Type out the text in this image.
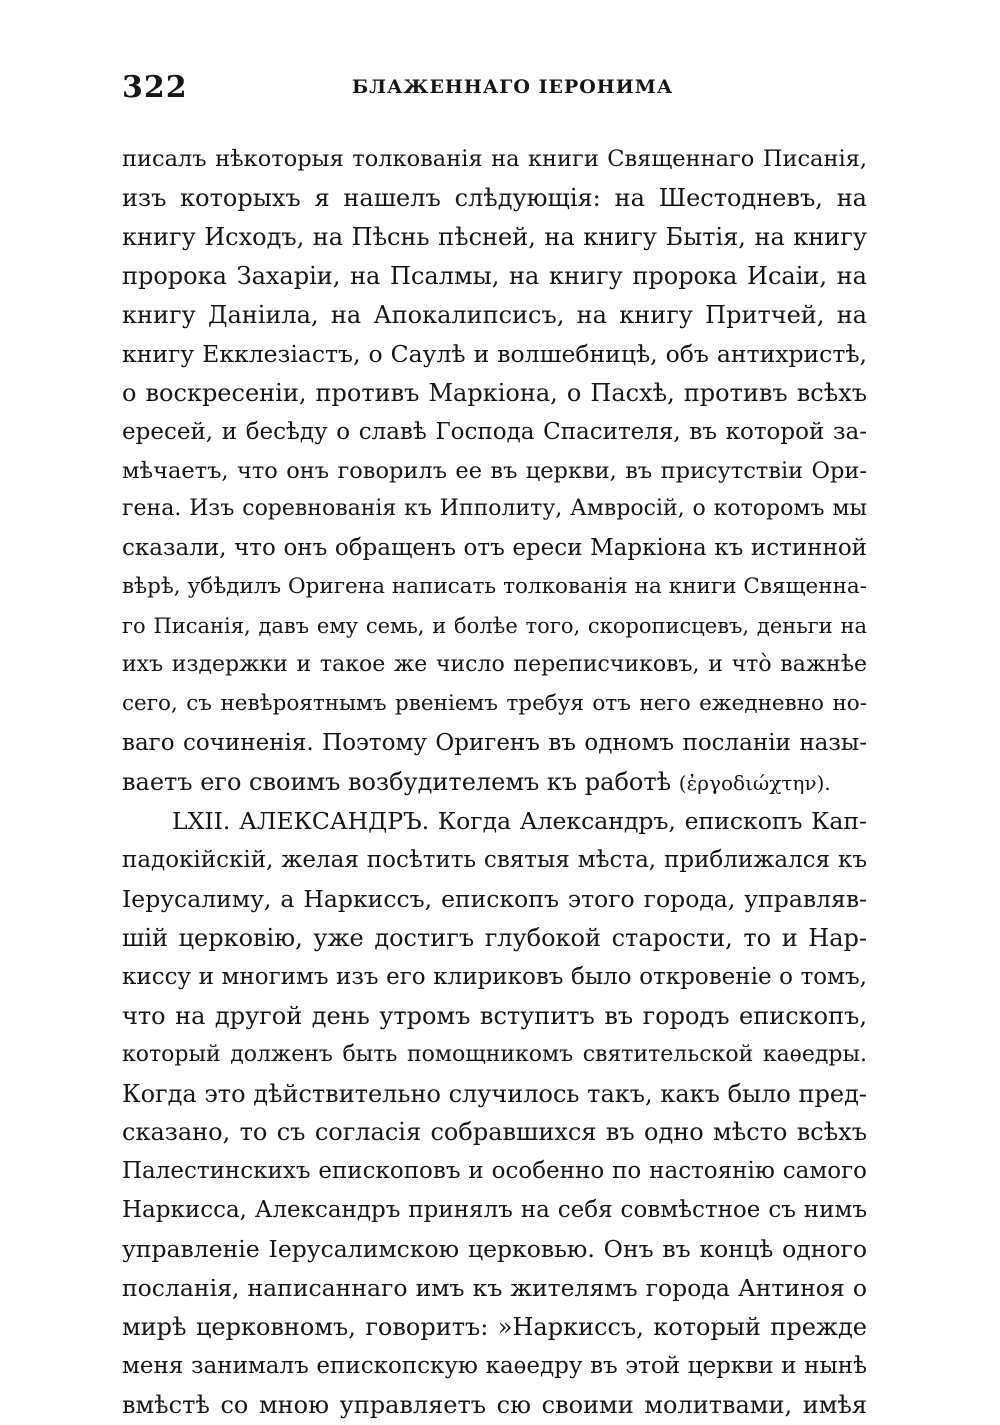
322	БЛАЖЕННАГО ІЕРОНИМА
писалъ нѣкоторыя толкованія на книги Священнаго Писанія,
изъ которыхъ я нашелъ слѣдующія: на Шестодневъ, на
книгу Исходъ, на Пѣснь пѣсней, на книгу Бытія, на книгу
пророка Захаріи, на Псалмы, на книгу пророка Исаіи, на
книгу Даніила, на Апокалипсисъ, на книгу Притчей, на
книгу Екклезіастъ, о Саулѣ и волшебницѣ, объ антихристѣ,
о воскресеніи, противъ Маркіона, о Пасхѣ, противъ всѣхъ
ересей, и бесѣду о славѣ Господа Спасителя, въ которой за-
мѣчаетъ, что онъ говорилъ ее въ церкви, въ присутствіи Ори-
гена. Изъ соревнованія къ Ипполиту, Амвросій, о которомъ мы
сказали, что онъ обращенъ отъ ереси Маркіона къ истинной
вѣрѣ, убѣдилъ Оригена написать толкованія на книги Священна-
го Писанія, давъ ему семь, и болѣе того, скорописцевъ, деньги на
ихъ издержки и такое же число переписчиковъ, и что̀ важнѣе
сего, съ невѣроятнымъ рвеніемъ требуя отъ него ежедневно но-
ваго сочиненія. Поэтому Оригенъ въ одномъ посланіи назы-
ваетъ его своимъ возбудителемъ къ работѣ (ἐργοδιώχτην).
LXII. АЛЕКСАНДРЪ. Когда Александръ, епископъ Кап-
падокійскій, желая посѣтить святыя мѣста, приближался къ
Іерусалиму, а Наркиссъ, епископъ этого города, управляв-
шій церковію, уже достигъ глубокой старости, то и Нар-
киссу и многимъ изъ его клириковъ было откровеніе о томъ,
что на другой день утромъ вступитъ въ городъ епископъ,
который долженъ быть помощникомъ святительской каѳедры.
Когда это дѣйствительно случилось такъ, какъ было пред-
сказано, то съ согласія собравшихся въ одно мѣсто всѣхъ
Палестинскихъ епископовъ и особенно по настоянію самого
Наркисса, Александръ принялъ на себя совмѣстное съ нимъ
управленіе Іерусалимскою церковью. Онъ въ концѣ одного
посланія, написаннаго имъ къ жителямъ города Антиноя о
мирѣ церковномъ, говоритъ: »Наркиссъ, который прежде
меня занималъ епископскую каѳедру въ этой церкви и нынѣ
вмѣстѣ со мною управляетъ сю своими молитвами, имѣя
